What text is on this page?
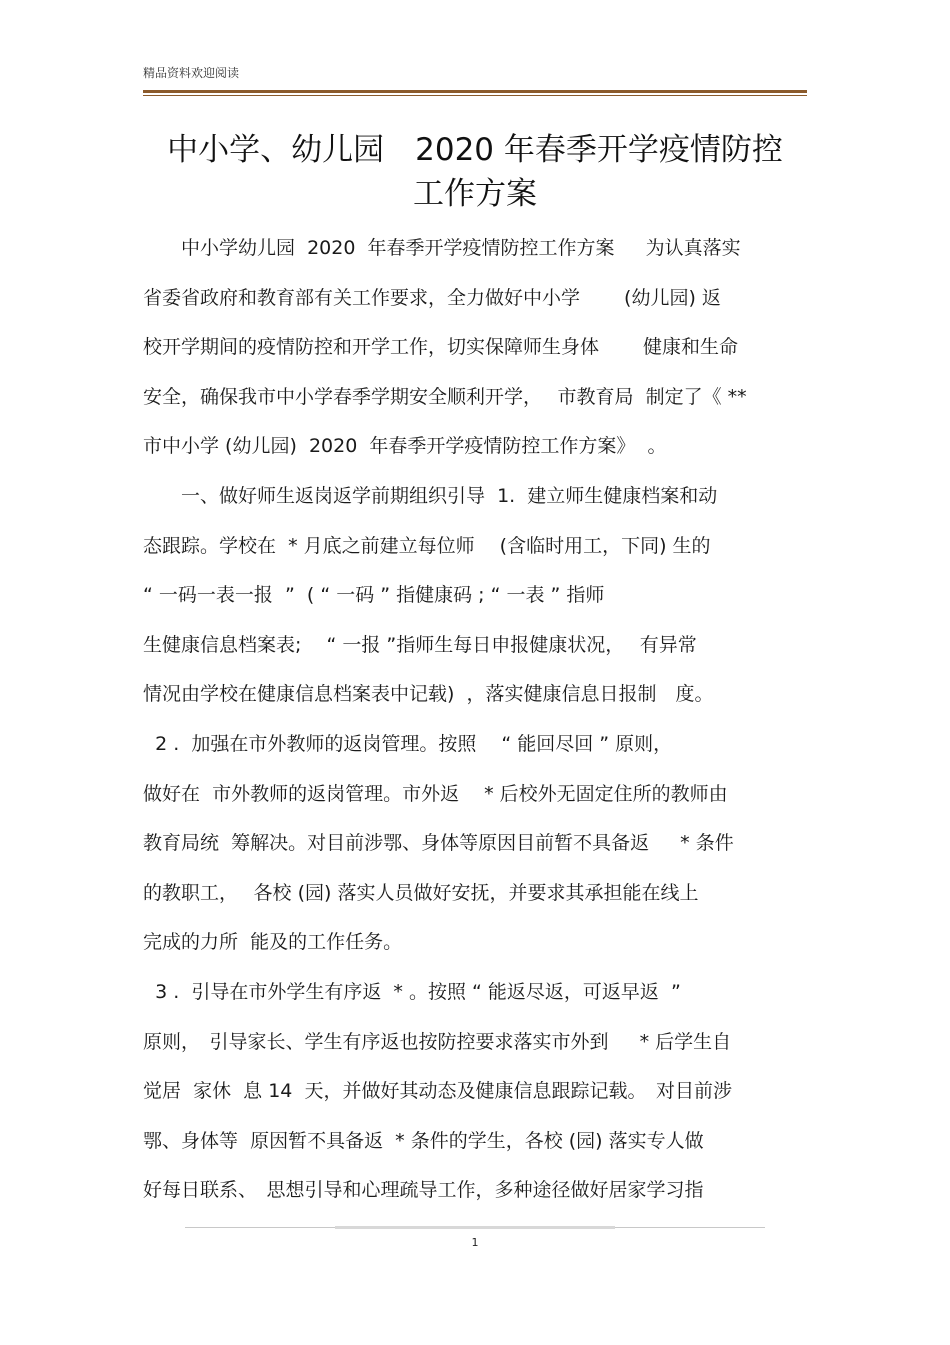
精品资料欢迎阅读
中小学、幼儿园　2020 年春季开学疫情防控
工作方案
　　中小学幼儿园  2020  年春季开学疫情防控工作方案　  为认真落实
省委省政府和教育部有关工作要求，全力做好中小学　　 (幼儿园) 返
校开学期间的疫情防控和开学工作，切实保障师生身体　　 健康和生命
安全，确保我市中小学春季学期安全顺利开学，　 市教育局  制定了《 **
市中小学 (幼儿园)  2020  年春季开学疫情防控工作方案》  。
　　一、做好师生返岗返学前期组织引导  1.  建立师生健康档案和动
态跟踪。学校在  * 月底之前建立每位师　 (含临时用工，下同) 生的
“ 一码一表一报  ”  ( “ 一码 ” 指健康码 ; “ 一表 ” 指师
生健康信息档案表;　 “ 一报 ”指师生每日申报健康状况，　 有异常
情况由学校在健康信息档案表中记载)  ，落实健康信息日报制　度。
2 .  加强在市外教师的返岗管理。按照　 “ 能回尽回 ” 原则，
做好在  市外教师的返岗管理。市外返　 * 后校外无固定住所的教师由
教育局统  筹解决。对目前涉鄂、身体等原因目前暂不具备返　  * 条件
的教职工，　 各校 (园) 落实人员做好安抚，并要求其承担能在线上
完成的力所  能及的工作任务。
3 .  引导在市外学生有序返  * 。按照 “ 能返尽返，可返早返  ”
原则，　引导家长、学生有序返也按防控要求落实市外到　  * 后学生自
觉居  家休  息 14  天，并做好其动态及健康信息跟踪记载。　对目前涉
鄂、身体等  原因暂不具备返  * 条件的学生，各校 (园) 落实专人做
好每日联系、　思想引导和心理疏导工作，多种途径做好居家学习指
1
